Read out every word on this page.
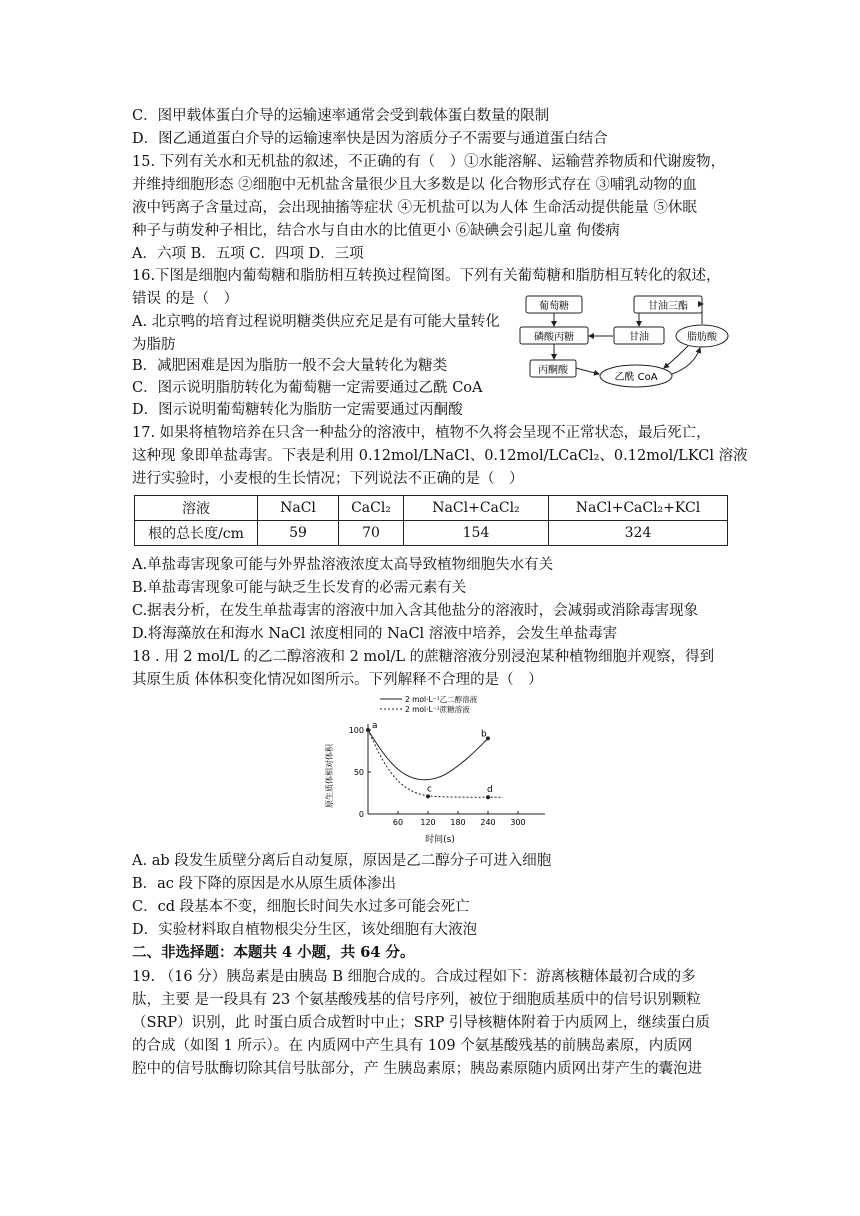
C．图甲载体蛋白介导的运输速率通常会受到载体蛋白数量的限制
D．图乙通道蛋白介导的运输速率快是因为溶质分子不需要与通道蛋白结合
15. 下列有关水和无机盐的叙述，不正确的有（　）①水能溶解、运输营养物质和代谢废物，
并维持细胞形态 ②细胞中无机盐含量很少且大多数是以 化合物形式存在 ③哺乳动物的血
液中钙离子含量过高，会出现抽搐等症状 ④无机盐可以为人体 生命活动提供能量 ⑤休眠
种子与萌发种子相比，结合水与自由水的比值更小 ⑥缺碘会引起儿童 佝偻病
A．六项 B．五项 C．四项 D．三项
16.下图是细胞内葡萄糖和脂肪相互转换过程简图。下列有关葡萄糖和脂肪相互转化的叙述，
错误 的是（　）
A. 北京鸭的培育过程说明糖类供应充足是有可能大量转化
为脂肪
B．减肥困难是因为脂肪一般不会大量转化为糖类
C．图示说明脂肪转化为葡萄糖一定需要通过乙酰 CoA
D．图示说明葡萄糖转化为脂肪一定需要通过丙酮酸
17. 如果将植物培养在只含一种盐分的溶液中，植物不久将会呈现不正常状态，最后死亡，
这种现 象即单盐毒害。下表是利用 0.12mol/LNaCl、0.12mol/LCaCl₂、0.12mol/LKCl 溶液
进行实验时，小麦根的生长情况；下列说法不正确的是（　）
葡萄糖
磷酸丙糖
丙酮酸
甘油三酯
甘油	脂肪酸
乙酰 CoA
溶液	NaCl	CaCl₂	NaCl+CaCl₂	NaCl+CaCl₂+KCl
根的总长度/cm	59	70	154	324
A.单盐毒害现象可能与外界盐溶液浓度太高导致植物细胞失水有关
B.单盐毒害现象可能与缺乏生长发育的必需元素有关
C.据表分析，在发生单盐毒害的溶液中加入含其他盐分的溶液时，会减弱或消除毒害现象
D.将海藻放在和海水 NaCl 浓度相同的 NaCl 溶液中培养，会发生单盐毒害
18 . 用 2 mol/L 的乙二醇溶液和 2 mol/L 的蔗糖溶液分别浸泡某种植物细胞并观察，得到
其原生质 体体积变化情况如图所示。下列解释不合理的是（　）
2 mol·L⁻¹乙二醇溶液
2 mol·L⁻¹蔗糖溶液
原生质体相对体积
60 120 180 240 300
0
50
100 a
b
c	d
时间(s)
A. ab 段发生质壁分离后自动复原，原因是乙二醇分子可进入细胞
B．ac 段下降的原因是水从原生质体渗出
C．cd 段基本不变，细胞长时间失水过多可能会死亡
D．实验材料取自植物根尖分生区，该处细胞有大液泡
二、非选择题：本题共 4 小题，共 64 分。
19. （16 分）胰岛素是由胰岛 B 细胞合成的。合成过程如下：游离核糖体最初合成的多
肽，主要 是一段具有 23 个氨基酸残基的信号序列，被位于细胞质基质中的信号识别颗粒
（SRP）识别，此 时蛋白质合成暂时中止；SRP 引导核糖体附着于内质网上，继续蛋白质
的合成（如图 1 所示）。在 内质网中产生具有 109 个氨基酸残基的前胰岛素原，内质网
腔中的信号肽酶切除其信号肽部分，产 生胰岛素原；胰岛素原随内质网出芽产生的囊泡进
